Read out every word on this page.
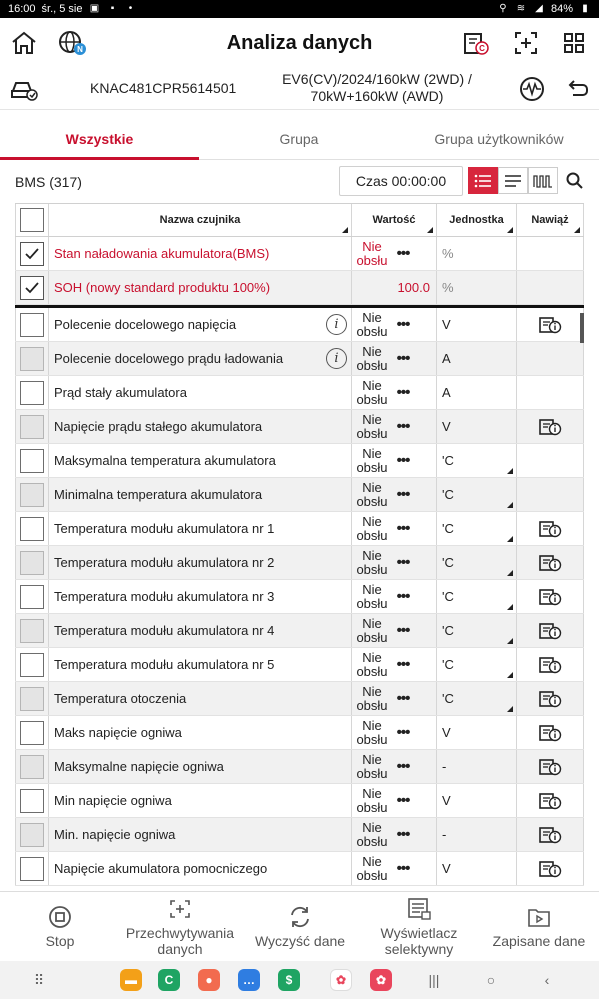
16:00 śr., 5 sie ▣	▪	•	⚲ ≋ ◢ 84% ▮
N	Analiza danych	C
KNAC481CPR5614501
EV6(CV)/2024/160kW (2WD) /
70kW+160kW (AWD)
Wszystkie	Grupa	Grupa użytkowników
BMS (317)	Czas 00:00:00
Nazwa czujnika	Wartość	Jednostka	Nawiąż
Stan naładowania akumulatora(BMS)	Nie obsłu •••	%
SOH (nowy standard produktu 100%)	100.0 %
Polecenie docelowego napięcia	i	Nie obsłu •••	V
Polecenie docelowego prądu ładowania	i	Nie obsłu •••	A
Prąd stały akumulatora	Nie obsłu •••	A
Napięcie prądu stałego akumulatora	Nie obsłu •••	V
Maksymalna temperatura akumulatora	Nie obsłu •••	'C
Minimalna temperatura akumulatora	Nie obsłu •••	'C
Temperatura modułu akumulatora nr 1	Nie obsłu •••	'C
Temperatura modułu akumulatora nr 2	Nie obsłu •••	'C
Temperatura modułu akumulatora nr 3	Nie obsłu •••	'C
Temperatura modułu akumulatora nr 4	Nie obsłu •••	'C
Temperatura modułu akumulatora nr 5	Nie obsłu •••	'C
Temperatura otoczenia	Nie obsłu •••	'C
Maks napięcie ogniwa	Nie obsłu •••	V
Maksymalne napięcie ogniwa	Nie obsłu •••	-
Min napięcie ogniwa	Nie obsłu •••	V
Min. napięcie ogniwa	Nie obsłu •••	-
Napięcie akumulatora pomocniczego	Nie obsłu •••	V
Stop	Przechwytywania danych	Wyczyść dane	Wyświetlacz selektywny	Zapisane dane
⠿	▬	C	●	…	$	✿	✿	|||	○	‹
